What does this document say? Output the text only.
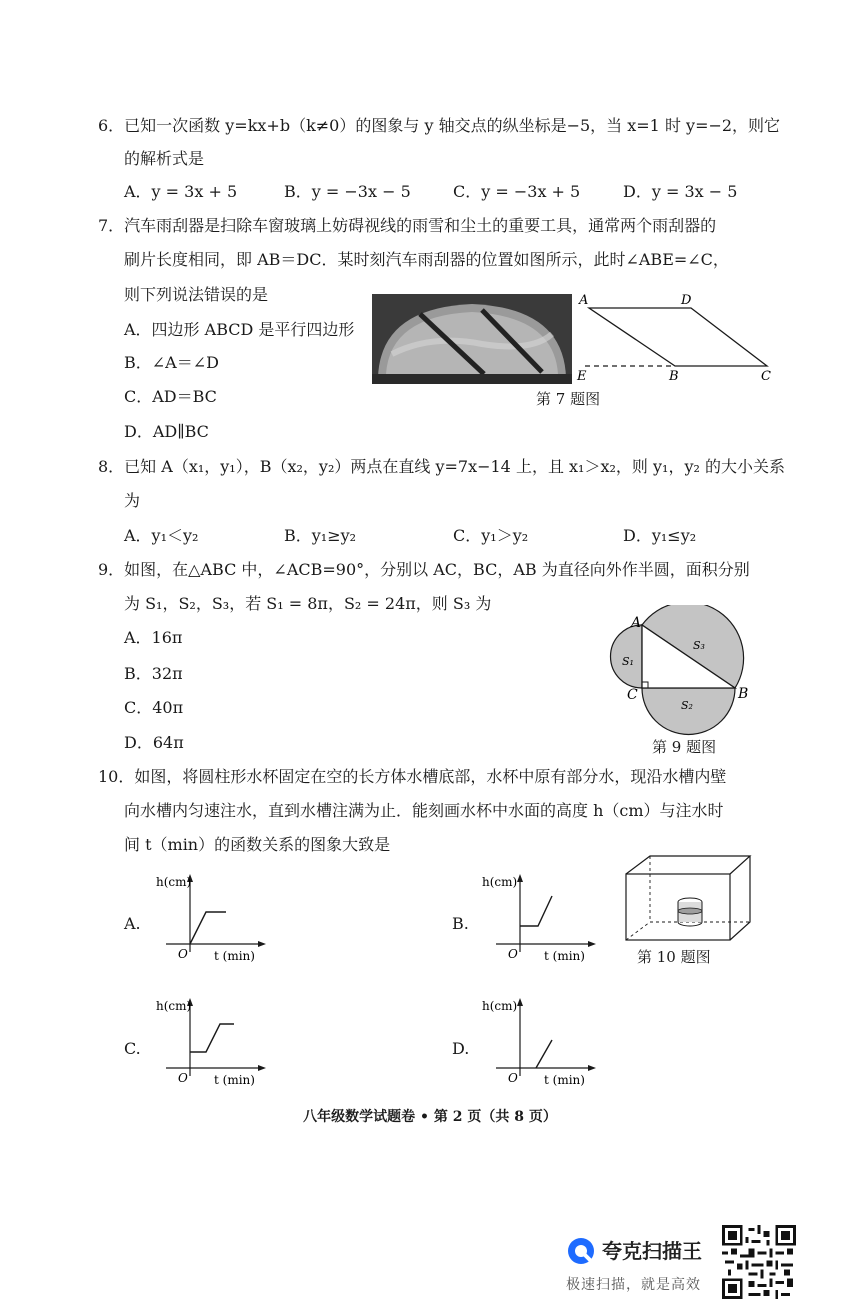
6．已知一次函数 y=kx+b（k≠0）的图象与 y 轴交点的纵坐标是−5，当 x=1 时 y=−2，则它
的解析式是
A．y = 3x + 5	B．y = −3x − 5	C．y = −3x + 5	D．y = 3x − 5
7．汽车雨刮器是扫除车窗玻璃上妨碍视线的雨雪和尘土的重要工具，通常两个雨刮器的
刷片长度相同，即 AB＝DC．某时刻汽车雨刮器的位置如图所示，此时∠ABE=∠C，
则下列说法错误的是
A．四边形 ABCD 是平行四边形
B．∠A＝∠D
C．AD＝BC
D．AD∥BC
A	D
E	B	C
第 7 题图
8．已知 A（x₁，y₁），B（x₂，y₂）两点在直线 y=7x−14 上，且 x₁＞x₂，则 y₁，y₂ 的大小关系
为
A．y₁＜y₂	B．y₁≥y₂	C．y₁＞y₂	D．y₁≤y₂
9．如图，在△ABC 中，∠ACB=90°，分别以 AC，BC，AB 为直径向外作半圆，面积分别
为 S₁，S₂，S₃，若 S₁ = 8π，S₂ = 24π，则 S₃ 为
A．16π
B．32π
C．40π
D．64π
A
B
C
S₁
S₂
S₃
第 9 题图
10．如图，将圆柱形水杯固定在空的长方体水槽底部，水杯中原有部分水，现沿水槽内壁
向水槽内匀速注水，直到水槽注满为止．能刻画水杯中水面的高度 h（cm）与注水时
间 t（min）的函数关系的图象大致是
第 10 题图
A.
h(cm)
t (min)
O
B.
h(cm)
t (min)
O
C.
h(cm)
t (min)
O
D.
h(cm)
t (min)
O
八年级数学试题卷 • 第 2 页（共 8 页）
夸克扫描王
极速扫描，就是高效
